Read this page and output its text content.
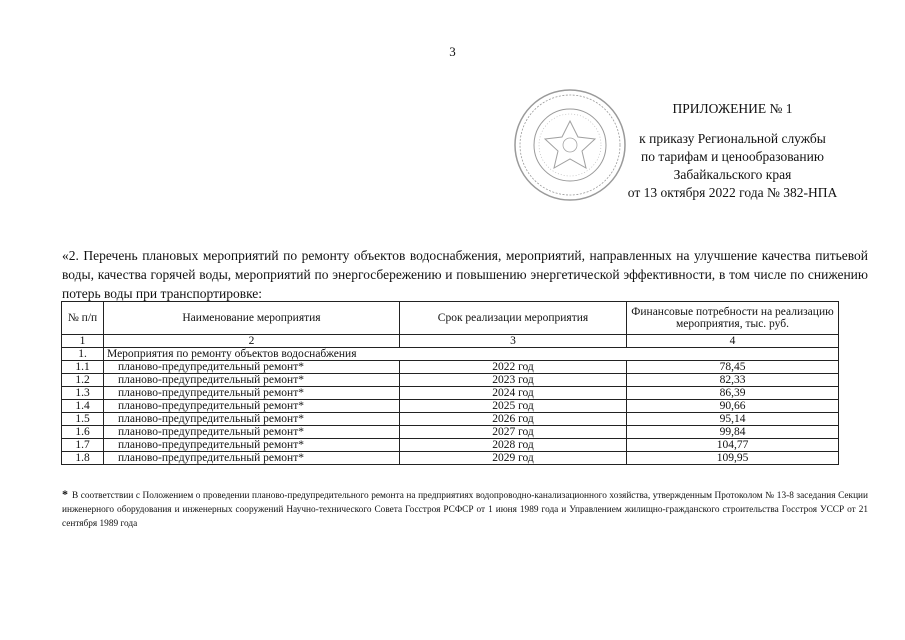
3
ПРИЛОЖЕНИЕ № 1
к приказу Региональной службы
по тарифам и ценообразованию
Забайкальского края
от 13 октября 2022 года № 382-НПА
«2. Перечень плановых мероприятий по ремонту объектов водоснабжения, мероприятий, направленных на улучшение качества питьевой воды, качества горячей воды, мероприятий по энергосбережению и повышению энергетической эффективности, в том числе по снижению потерь воды при транспортировке:
№ п/п	Наименование мероприятия	Срок реализации мероприятия	Финансовые потребности на реализацию мероприятия, тыс. руб.
1	2	3	4
1.	Мероприятия по ремонту объектов водоснабжения		
1.1	планово-предупредительный ремонт*	2022 год	78,45
1.2	планово-предупредительный ремонт*	2023 год	82,33
1.3	планово-предупредительный ремонт*	2024 год	86,39
1.4	планово-предупредительный ремонт*	2025 год	90,66
1.5	планово-предупредительный ремонт*	2026 год	95,14
1.6	планово-предупредительный ремонт*	2027 год	99,84
1.7	планово-предупредительный ремонт*	2028 год	104,77
1.8	планово-предупредительный ремонт*	2029 год	109,95
* В соответствии с Положением о проведении планово-предупредительного ремонта на предприятиях водопроводно-канализационного хозяйства, утвержденным Протоколом № 13-8 заседания Секции инженерного оборудования и инженерных сооружений Научно-технического Совета Госстроя РСФСР от 1 июня 1989 года и Управлением жилищно-гражданского строительства Госстроя УССР от 21 сентября 1989 года
